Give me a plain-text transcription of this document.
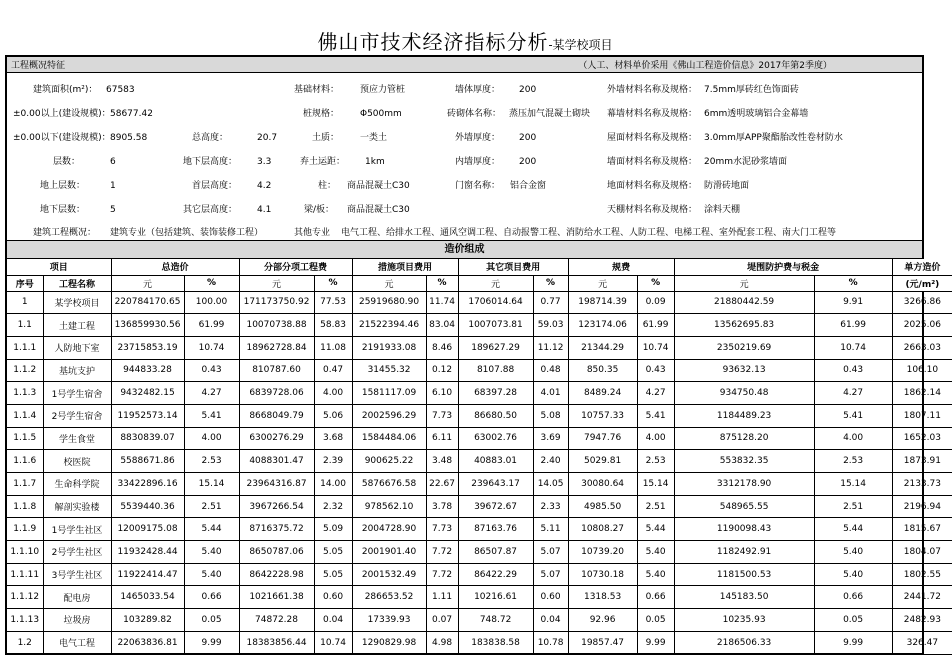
佛山市技术经济指标分析-某学校项目
工程概况特征	（人工、材料单价采用《佛山工程造价信息》2017年第2季度）
建筑面积(m²)： 67583	基础材料： 预应力管桩	墙体厚度： 200	外墙材料名称及规格： 7.5mm厚砖红色饰面砖
±0.00以上(建设规模)： 58677.42	桩规格： Φ500mm	砖砌体名称： 蒸压加气混凝土砌块 幕墙材料名称及规格： 6mm透明玻璃铝合金幕墙
±0.00以下(建设规模)： 8905.58	总高度：	20.7	土质： 一类土	外墙厚度： 200	屋面材料名称及规格： 3.0mm厚APP聚酯胎改性卷材防水
层数：	6	地下层高度： 3.3	弃土运距： 1km	内墙厚度： 200	墙面材料名称及规格： 20mm水泥砂浆墙面
地上层数：	1	首层高度： 4.2	柱： 商品混凝土C30	门窗名称： 铝合金窗	地面材料名称及规格： 防滑砖地面
地下层数：	5	其它层高度： 4.1	梁/板： 商品混凝土C30	天棚材料名称及规格： 涂料天棚
建筑工程概况： 建筑专业（包括建筑、装饰装修工程）	其他专业 电气工程、给排水工程、通风空调工程、自动报警工程、消防给水工程、人防工程、电梯工程、室外配套工程、南大门工程等
造价组成
项目		总造价		分部分项工程费		措施项目费用		其它项目费用		规费		堤围防护费与税金		单方造价
序号	工程名称	元	%	元	%	元	%	元	%	元	%	元	%	(元/m²)
1	某学校项目	220784170.65	100.00	171173750.92	77.53	25919680.90	11.74	1706014.64	0.77	198714.39	0.09	21880442.59	9.91	3266.86
1.1	土建工程	136859930.56	61.99	10070738.88	58.83	21522394.46	83.04	1007073.81	59.03	123174.06	61.99	13562695.83	61.99	2025.06
1.1.1	人防地下室	23715853.19	10.74	18962728.84	11.08	2191933.08	8.46	189627.29	11.12	21344.29	10.74	2350219.69	10.74	2663.03
1.1.2	基坑支护	944833.28	0.43	810787.60	0.47	31455.32	0.12	8107.88	0.48	850.35	0.43	93632.13	0.43	106.10
1.1.3	1号学生宿舍	9432482.15	4.27	6839728.06	4.00	1581117.09	6.10	68397.28	4.01	8489.24	4.27	934750.48	4.27	1862.14
1.1.4	2号学生宿舍	11952573.14	5.41	8668049.79	5.06	2002596.29	7.73	86680.50	5.08	10757.33	5.41	1184489.23	5.41	1807.11
1.1.5	学生食堂	8830839.07	4.00	6300276.29	3.68	1584484.06	6.11	63002.76	3.69	7947.76	4.00	875128.20	4.00	1652.03
1.1.6	校医院	5588671.86	2.53	4088301.47	2.39	900625.22	3.48	40883.01	2.40	5029.81	2.53	553832.35	2.53	1873.91
1.1.7	生命科学院	33422896.16	15.14	23964316.87	14.00	5876676.58	22.67	239643.17	14.05	30080.64	15.14	3312178.90	15.14	2133.73
1.1.8	解剖实验楼	5539440.36	2.51	3967266.54	2.32	978562.10	3.78	39672.67	2.33	4985.50	2.51	548965.55	2.51	2196.94
1.1.9	1号学生社区	12009175.08	5.44	8716375.72	5.09	2004728.90	7.73	87163.76	5.11	10808.27	5.44	1190098.43	5.44	1815.67
1.1.10	2号学生社区	11932428.44	5.40	8650787.06	5.05	2001901.40	7.72	86507.87	5.07	10739.20	5.40	1182492.91	5.40	1804.07
1.1.11	3号学生社区	11922414.47	5.40	8642228.98	5.05	2001532.49	7.72	86422.29	5.07	10730.18	5.40	1181500.53	5.40	1802.55
1.1.12	配电房	1465033.54	0.66	1021661.38	0.60	286653.52	1.11	10216.61	0.60	1318.53	0.66	145183.50	0.66	2441.72
1.1.13	垃圾房	103289.82	0.05	74872.28	0.04	17339.93	0.07	748.72	0.04	92.96	0.05	10235.93	0.05	2482.93
1.2	电气工程	22063836.81	9.99	18383856.44	10.74	1290829.98	4.98	183838.58	10.78	19857.47	9.99	2186506.33	9.99	326.47
